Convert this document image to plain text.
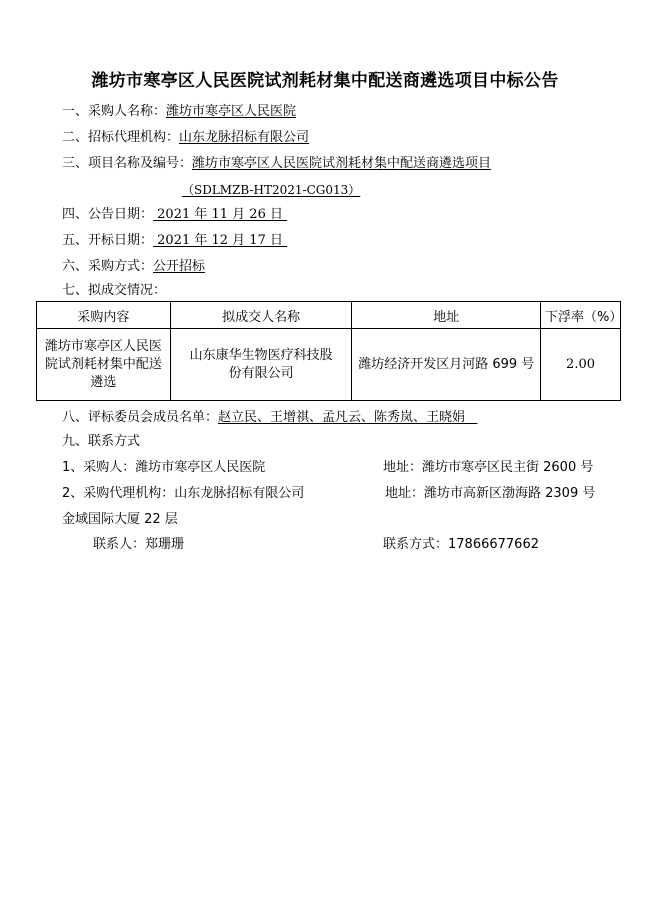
潍坊市寒亭区人民医院试剂耗材集中配送商遴选项目中标公告
一、采购人名称：潍坊市寒亭区人民医院
二、招标代理机构：山东龙脉招标有限公司
三、项目名称及编号：潍坊市寒亭区人民医院试剂耗材集中配送商遴选项目
（SDLMZB-HT2021-CG013）
四、公告日期： 2021 年 11 月 26 日
五、开标日期： 2021 年 12 月 17 日
六、采购方式：公开招标
七、拟成交情况：
采购内容	拟成交人名称	地址	下浮率（%）
潍坊市寒亭区人民医院试剂耗材集中配送遴选	山东康华生物医疗科技股份有限公司	潍坊经济开发区月河路 699 号	2.00
八、评标委员会成员名单：赵立民、王增祺、孟凡云、陈秀岚、王晓娟
九、联系方式
1、采购人：潍坊市寒亭区人民医院	地址：潍坊市寒亭区民主街 2600 号
2、采购代理机构：山东龙脉招标有限公司	地址：潍坊市高新区渤海路 2309 号
金域国际大厦 22 层
联系人：郑珊珊	联系方式：17866677662
